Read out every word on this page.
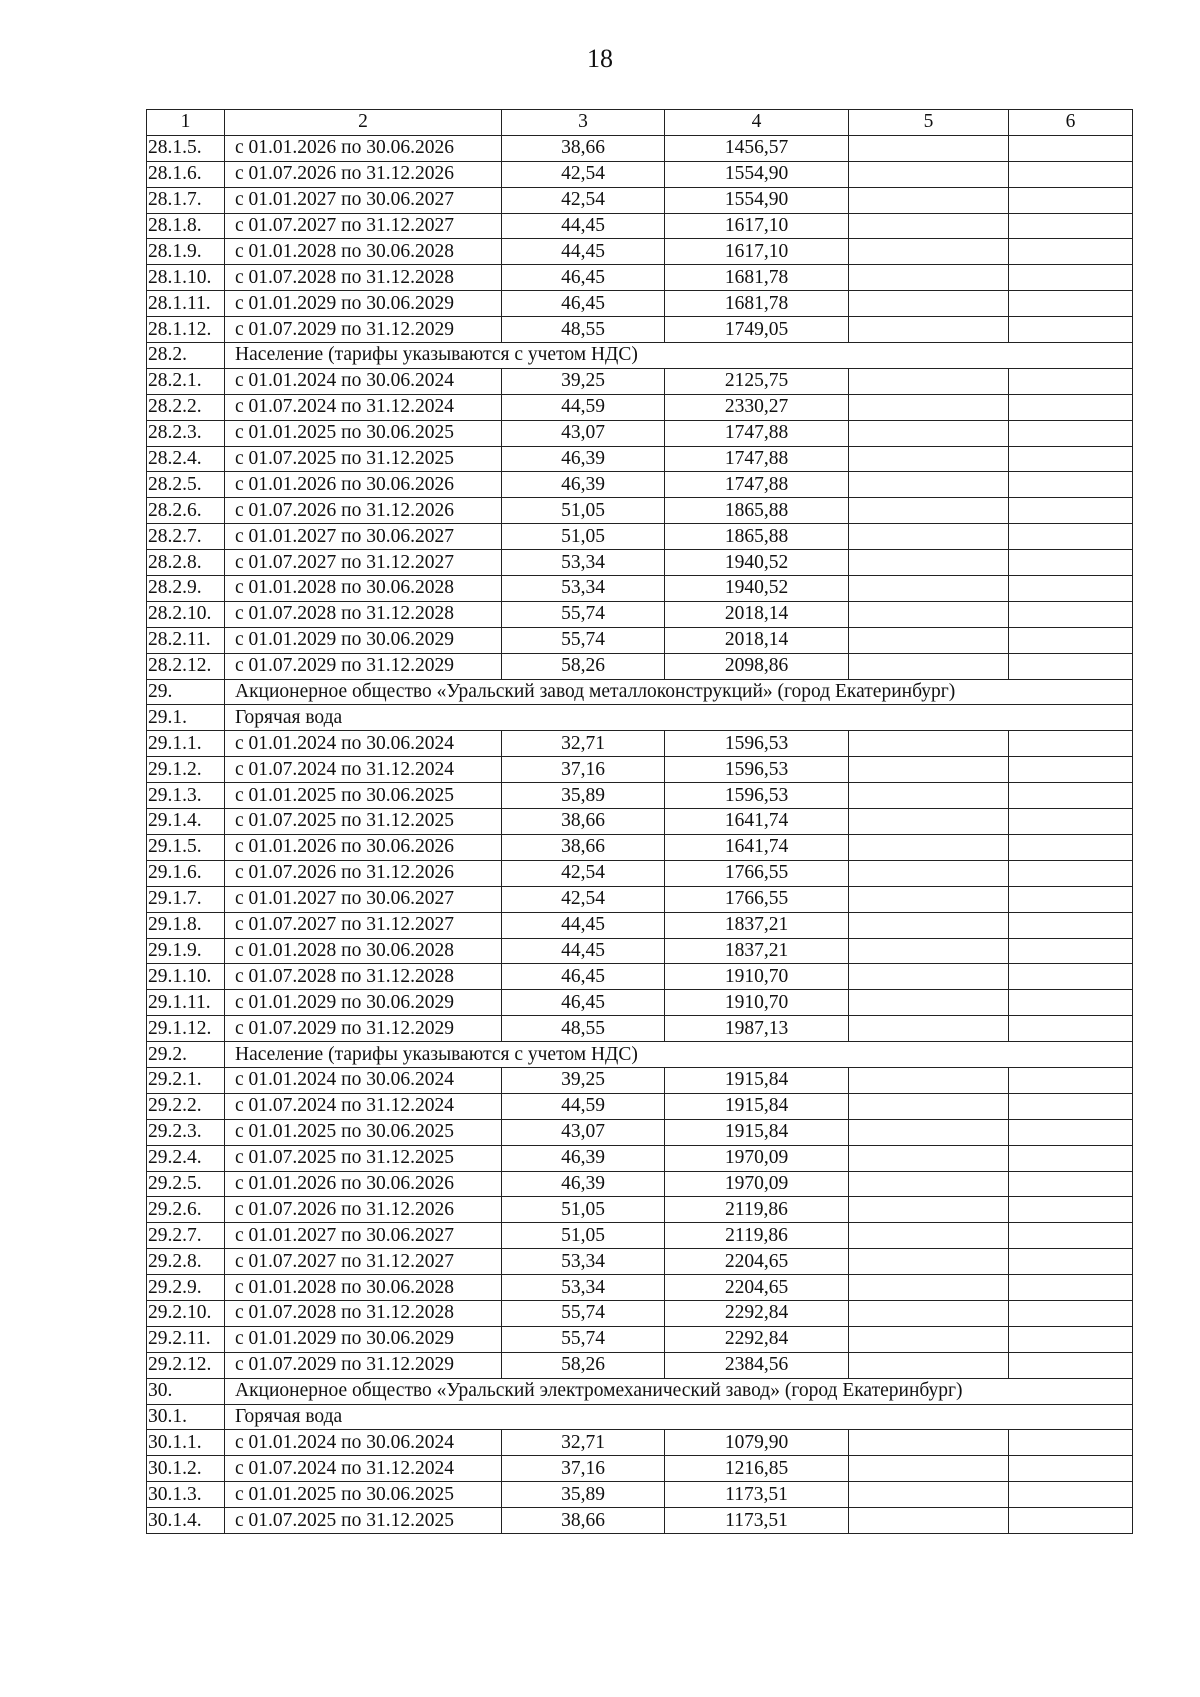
18
1	2	3	4	5	6
28.1.5.	с 01.01.2026 по 30.06.2026	38,66	1456,57		
28.1.6.	с 01.07.2026 по 31.12.2026	42,54	1554,90		
28.1.7.	с 01.01.2027 по 30.06.2027	42,54	1554,90		
28.1.8.	с 01.07.2027 по 31.12.2027	44,45	1617,10		
28.1.9.	с 01.01.2028 по 30.06.2028	44,45	1617,10		
28.1.10.	с 01.07.2028 по 31.12.2028	46,45	1681,78		
28.1.11.	с 01.01.2029 по 30.06.2029	46,45	1681,78		
28.1.12.	с 01.07.2029 по 31.12.2029	48,55	1749,05		
28.2.	Население (тарифы указываются с учетом НДС)				
28.2.1.	с 01.01.2024 по 30.06.2024	39,25	2125,75		
28.2.2.	с 01.07.2024 по 31.12.2024	44,59	2330,27		
28.2.3.	с 01.01.2025 по 30.06.2025	43,07	1747,88		
28.2.4.	с 01.07.2025 по 31.12.2025	46,39	1747,88		
28.2.5.	с 01.01.2026 по 30.06.2026	46,39	1747,88		
28.2.6.	с 01.07.2026 по 31.12.2026	51,05	1865,88		
28.2.7.	с 01.01.2027 по 30.06.2027	51,05	1865,88		
28.2.8.	с 01.07.2027 по 31.12.2027	53,34	1940,52		
28.2.9.	с 01.01.2028 по 30.06.2028	53,34	1940,52		
28.2.10.	с 01.07.2028 по 31.12.2028	55,74	2018,14		
28.2.11.	с 01.01.2029 по 30.06.2029	55,74	2018,14		
28.2.12.	с 01.07.2029 по 31.12.2029	58,26	2098,86		
29.	Акционерное общество «Уральский завод металлоконструкций» (город Екатеринбург)				
29.1.	Горячая вода				
29.1.1.	с 01.01.2024 по 30.06.2024	32,71	1596,53		
29.1.2.	с 01.07.2024 по 31.12.2024	37,16	1596,53		
29.1.3.	с 01.01.2025 по 30.06.2025	35,89	1596,53		
29.1.4.	с 01.07.2025 по 31.12.2025	38,66	1641,74		
29.1.5.	с 01.01.2026 по 30.06.2026	38,66	1641,74		
29.1.6.	с 01.07.2026 по 31.12.2026	42,54	1766,55		
29.1.7.	с 01.01.2027 по 30.06.2027	42,54	1766,55		
29.1.8.	с 01.07.2027 по 31.12.2027	44,45	1837,21		
29.1.9.	с 01.01.2028 по 30.06.2028	44,45	1837,21		
29.1.10.	с 01.07.2028 по 31.12.2028	46,45	1910,70		
29.1.11.	с 01.01.2029 по 30.06.2029	46,45	1910,70		
29.1.12.	с 01.07.2029 по 31.12.2029	48,55	1987,13		
29.2.	Население (тарифы указываются с учетом НДС)				
29.2.1.	с 01.01.2024 по 30.06.2024	39,25	1915,84		
29.2.2.	с 01.07.2024 по 31.12.2024	44,59	1915,84		
29.2.3.	с 01.01.2025 по 30.06.2025	43,07	1915,84		
29.2.4.	с 01.07.2025 по 31.12.2025	46,39	1970,09		
29.2.5.	с 01.01.2026 по 30.06.2026	46,39	1970,09		
29.2.6.	с 01.07.2026 по 31.12.2026	51,05	2119,86		
29.2.7.	с 01.01.2027 по 30.06.2027	51,05	2119,86		
29.2.8.	с 01.07.2027 по 31.12.2027	53,34	2204,65		
29.2.9.	с 01.01.2028 по 30.06.2028	53,34	2204,65		
29.2.10.	с 01.07.2028 по 31.12.2028	55,74	2292,84		
29.2.11.	с 01.01.2029 по 30.06.2029	55,74	2292,84		
29.2.12.	с 01.07.2029 по 31.12.2029	58,26	2384,56		
30.	Акционерное общество «Уральский электромеханический завод» (город Екатеринбург)				
30.1.	Горячая вода				
30.1.1.	с 01.01.2024 по 30.06.2024	32,71	1079,90		
30.1.2.	с 01.07.2024 по 31.12.2024	37,16	1216,85		
30.1.3.	с 01.01.2025 по 30.06.2025	35,89	1173,51		
30.1.4.	с 01.07.2025 по 31.12.2025	38,66	1173,51		
